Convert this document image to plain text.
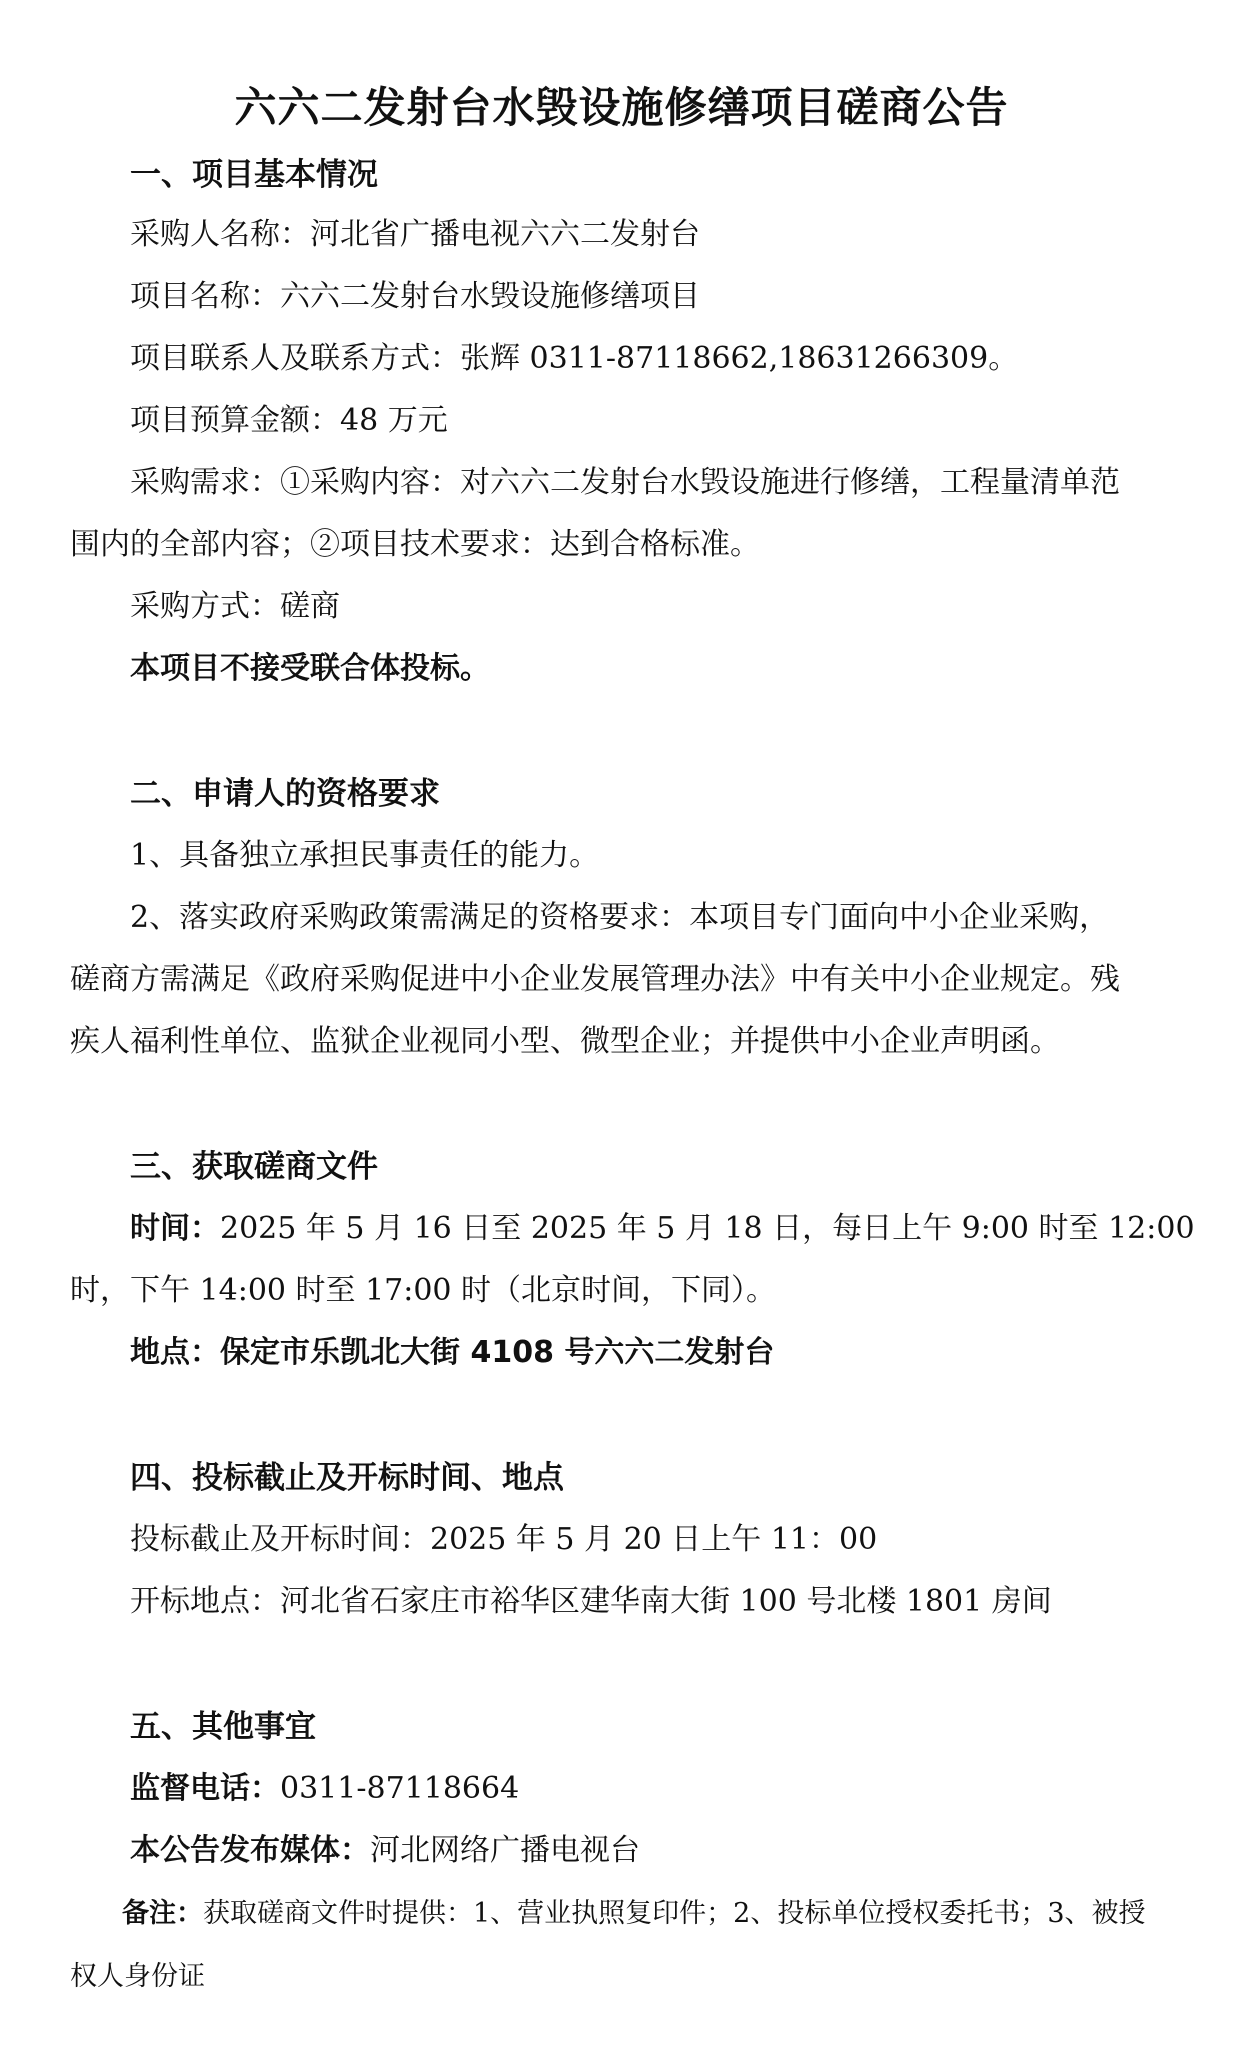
六六二发射台水毁设施修缮项目磋商公告
一、项目基本情况
采购人名称：河北省广播电视六六二发射台
项目名称：六六二发射台水毁设施修缮项目
项目联系人及联系方式：张辉 0311-87118662,18631266309。
项目预算金额：48 万元
采购需求：①采购内容：对六六二发射台水毁设施进行修缮，工程量清单范
围内的全部内容；②项目技术要求：达到合格标准。
采购方式：磋商
本项目不接受联合体投标。
二、申请人的资格要求
1、具备独立承担民事责任的能力。
2、落实政府采购政策需满足的资格要求：本项目专门面向中小企业采购，
磋商方需满足《政府采购促进中小企业发展管理办法》中有关中小企业规定。残
疾人福利性单位、监狱企业视同小型、微型企业；并提供中小企业声明函。
三、获取磋商文件
时间：2025 年 5 月 16 日至 2025 年 5 月 18 日，每日上午 9:00 时至 12:00
时，下午 14:00 时至 17:00 时（北京时间，下同）。
地点：保定市乐凯北大街 4108 号六六二发射台
四、投标截止及开标时间、地点
投标截止及开标时间：2025 年 5 月 20 日上午 11：00
开标地点：河北省石家庄市裕华区建华南大街 100 号北楼 1801 房间
五、其他事宜
监督电话：0311-87118664
本公告发布媒体：河北网络广播电视台
备注：获取磋商文件时提供：1、营业执照复印件；2、投标单位授权委托书；3、被授
权人身份证
